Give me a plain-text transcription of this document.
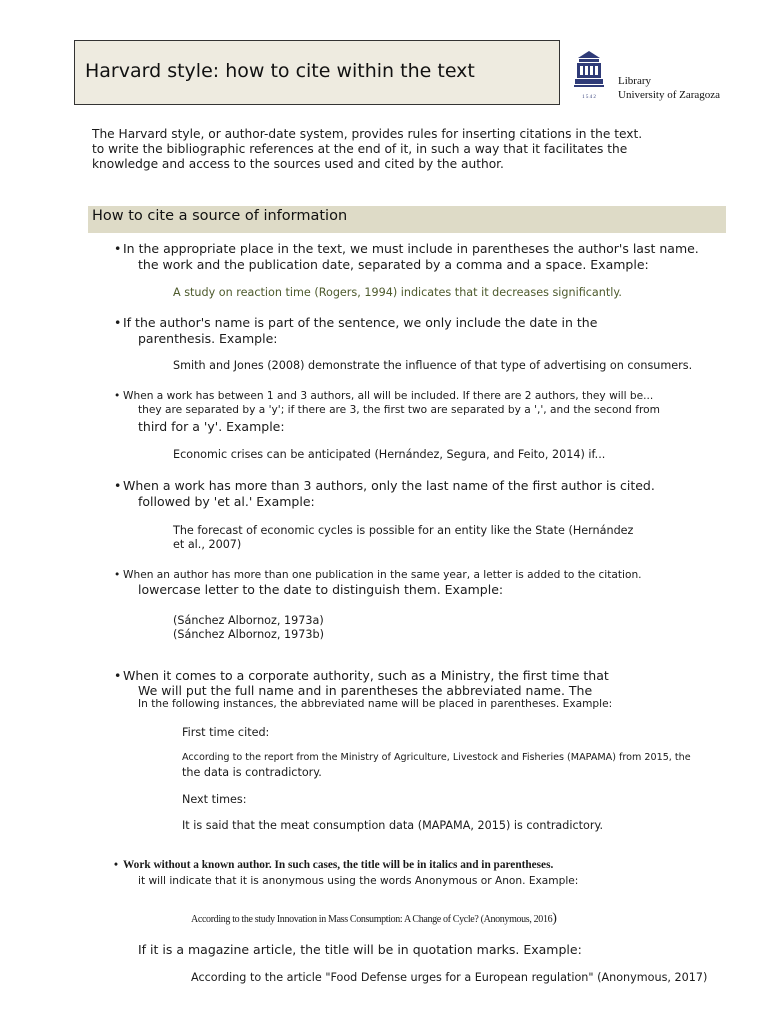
Harvard style: how to cite within the text
1 5 4 2
Library
University of Zaragoza
The Harvard style, or author-date system, provides rules for inserting citations in the text.
to write the bibliographic references at the end of it, in such a way that it facilitates the
knowledge and access to the sources used and cited by the author.
How to cite a source of information
• In the appropriate place in the text, we must include in parentheses the author's last name.
the work and the publication date, separated by a comma and a space. Example:
A study on reaction time (Rogers, 1994) indicates that it decreases significantly.
• If the author's name is part of the sentence, we only include the date in the
parenthesis. Example:
Smith and Jones (2008) demonstrate the influence of that type of advertising on consumers.
• When a work has between 1 and 3 authors, all will be included. If there are 2 authors, they will be...
they are separated by a 'y'; if there are 3, the first two are separated by a ',', and the second from
third for a 'y'. Example:
Economic crises can be anticipated (Hernández, Segura, and Feito, 2014) if...
• When a work has more than 3 authors, only the last name of the first author is cited.
followed by 'et al.' Example:
The forecast of economic cycles is possible for an entity like the State (Hernández
et al., 2007)
• When an author has more than one publication in the same year, a letter is added to the citation.
lowercase letter to the date to distinguish them. Example:
(Sánchez Albornoz, 1973a)
(Sánchez Albornoz, 1973b)
• When it comes to a corporate authority, such as a Ministry, the first time that
We will put the full name and in parentheses the abbreviated name. The
In the following instances, the abbreviated name will be placed in parentheses. Example:
First time cited:
According to the report from the Ministry of Agriculture, Livestock and Fisheries (MAPAMA) from 2015, the
the data is contradictory.
Next times:
It is said that the meat consumption data (MAPAMA, 2015) is contradictory.
• Work without a known author. In such cases, the title will be in italics and in parentheses.
it will indicate that it is anonymous using the words Anonymous or Anon. Example:
According to the study Innovation in Mass Consumption: A Change of Cycle? (Anonymous, 2016)
If it is a magazine article, the title will be in quotation marks. Example:
According to the article "Food Defense urges for a European regulation" (Anonymous, 2017)
